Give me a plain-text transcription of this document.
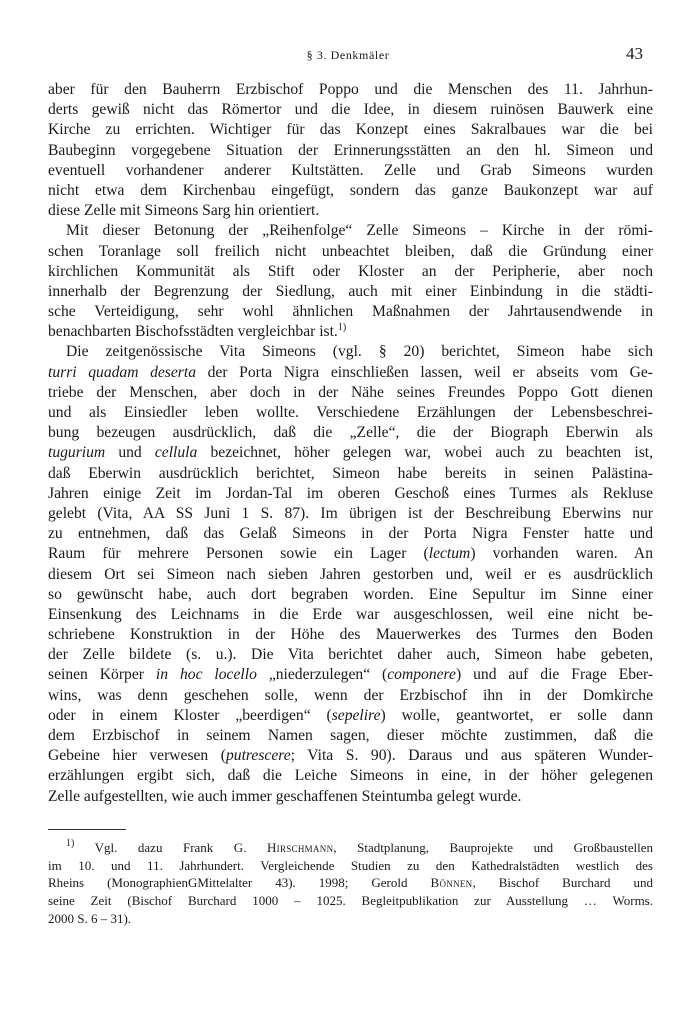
§ 3. Denkmäler	43
aber für den Bauherrn Erzbischof Poppo und die Menschen des 11. Jahrhun-
derts gewiß nicht das Römertor und die Idee, in diesem ruinösen Bauwerk eine
Kirche zu errichten. Wichtiger für das Konzept eines Sakralbaues war die bei
Baubeginn vorgegebene Situation der Erinnerungsstätten an den hl. Simeon und
eventuell vorhandener anderer Kultstätten. Zelle und Grab Simeons wurden
nicht etwa dem Kirchenbau eingefügt, sondern das ganze Baukonzept war auf
diese Zelle mit Simeons Sarg hin orientiert.
Mit dieser Betonung der „Reihenfolge“ Zelle Simeons – Kirche in der römi-
schen Toranlage soll freilich nicht unbeachtet bleiben, daß die Gründung einer
kirchlichen Kommunität als Stift oder Kloster an der Peripherie, aber noch
innerhalb der Begrenzung der Siedlung, auch mit einer Einbindung in die städti-
sche Verteidigung, sehr wohl ähnlichen Maßnahmen der Jahrtausendwende in
benachbarten Bischofsstädten vergleichbar ist.$^{1)}$
Die zeitgenössische Vita Simeons (vgl. § 20) berichtet, Simeon habe sich
turri quadam deserta der Porta Nigra einschließen lassen, weil er abseits vom Ge-
triebe der Menschen, aber doch in der Nähe seines Freundes Poppo Gott dienen
und als Einsiedler leben wollte. Verschiedene Erzählungen der Lebensbeschrei-
bung bezeugen ausdrücklich, daß die „Zelle“, die der Biograph Eberwin als
tugurium und cellula bezeichnet, höher gelegen war, wobei auch zu beachten ist,
daß Eberwin ausdrücklich berichtet, Simeon habe bereits in seinen Palästina-
Jahren einige Zeit im Jordan-Tal im oberen Geschoß eines Turmes als Rekluse
gelebt (Vita, AA SS Juni 1 S. 87). Im übrigen ist der Beschreibung Eberwins nur
zu entnehmen, daß das Gelaß Simeons in der Porta Nigra Fenster hatte und
Raum für mehrere Personen sowie ein Lager (lectum) vorhanden waren. An
diesem Ort sei Simeon nach sieben Jahren gestorben und, weil er es ausdrücklich
so gewünscht habe, auch dort begraben worden. Eine Sepultur im Sinne einer
Einsenkung des Leichnams in die Erde war ausgeschlossen, weil eine nicht be-
schriebene Konstruktion in der Höhe des Mauerwerkes des Turmes den Boden
der Zelle bildete (s. u.). Die Vita berichtet daher auch, Simeon habe gebeten,
seinen Körper in hoc locello „niederzulegen“ (componere) und auf die Frage Eber-
wins, was denn geschehen solle, wenn der Erzbischof ihn in der Domkirche
oder in einem Kloster „beerdigen“ (sepelire) wolle, geantwortet, er solle dann
dem Erzbischof in seinem Namen sagen, dieser möchte zustimmen, daß die
Gebeine hier verwesen (putrescere; Vita S. 90). Daraus und aus späteren Wunder-
erzählungen ergibt sich, daß die Leiche Simeons in eine, in der höher gelegenen
Zelle aufgestellten, wie auch immer geschaffenen Steintumba gelegt wurde.
$^{1)}$ Vgl. dazu Frank G. Hirschmann, Stadtplanung, Bauprojekte und Großbaustellen
im 10. und 11. Jahrhundert. Vergleichende Studien zu den Kathedralstädten westlich des
Rheins (MonographienGMittelalter 43). 1998; Gerold Bönnen, Bischof Burchard und
seine Zeit (Bischof Burchard 1000 – 1025. Begleitpublikation zur Ausstellung … Worms.
2000 S. 6 – 31).
